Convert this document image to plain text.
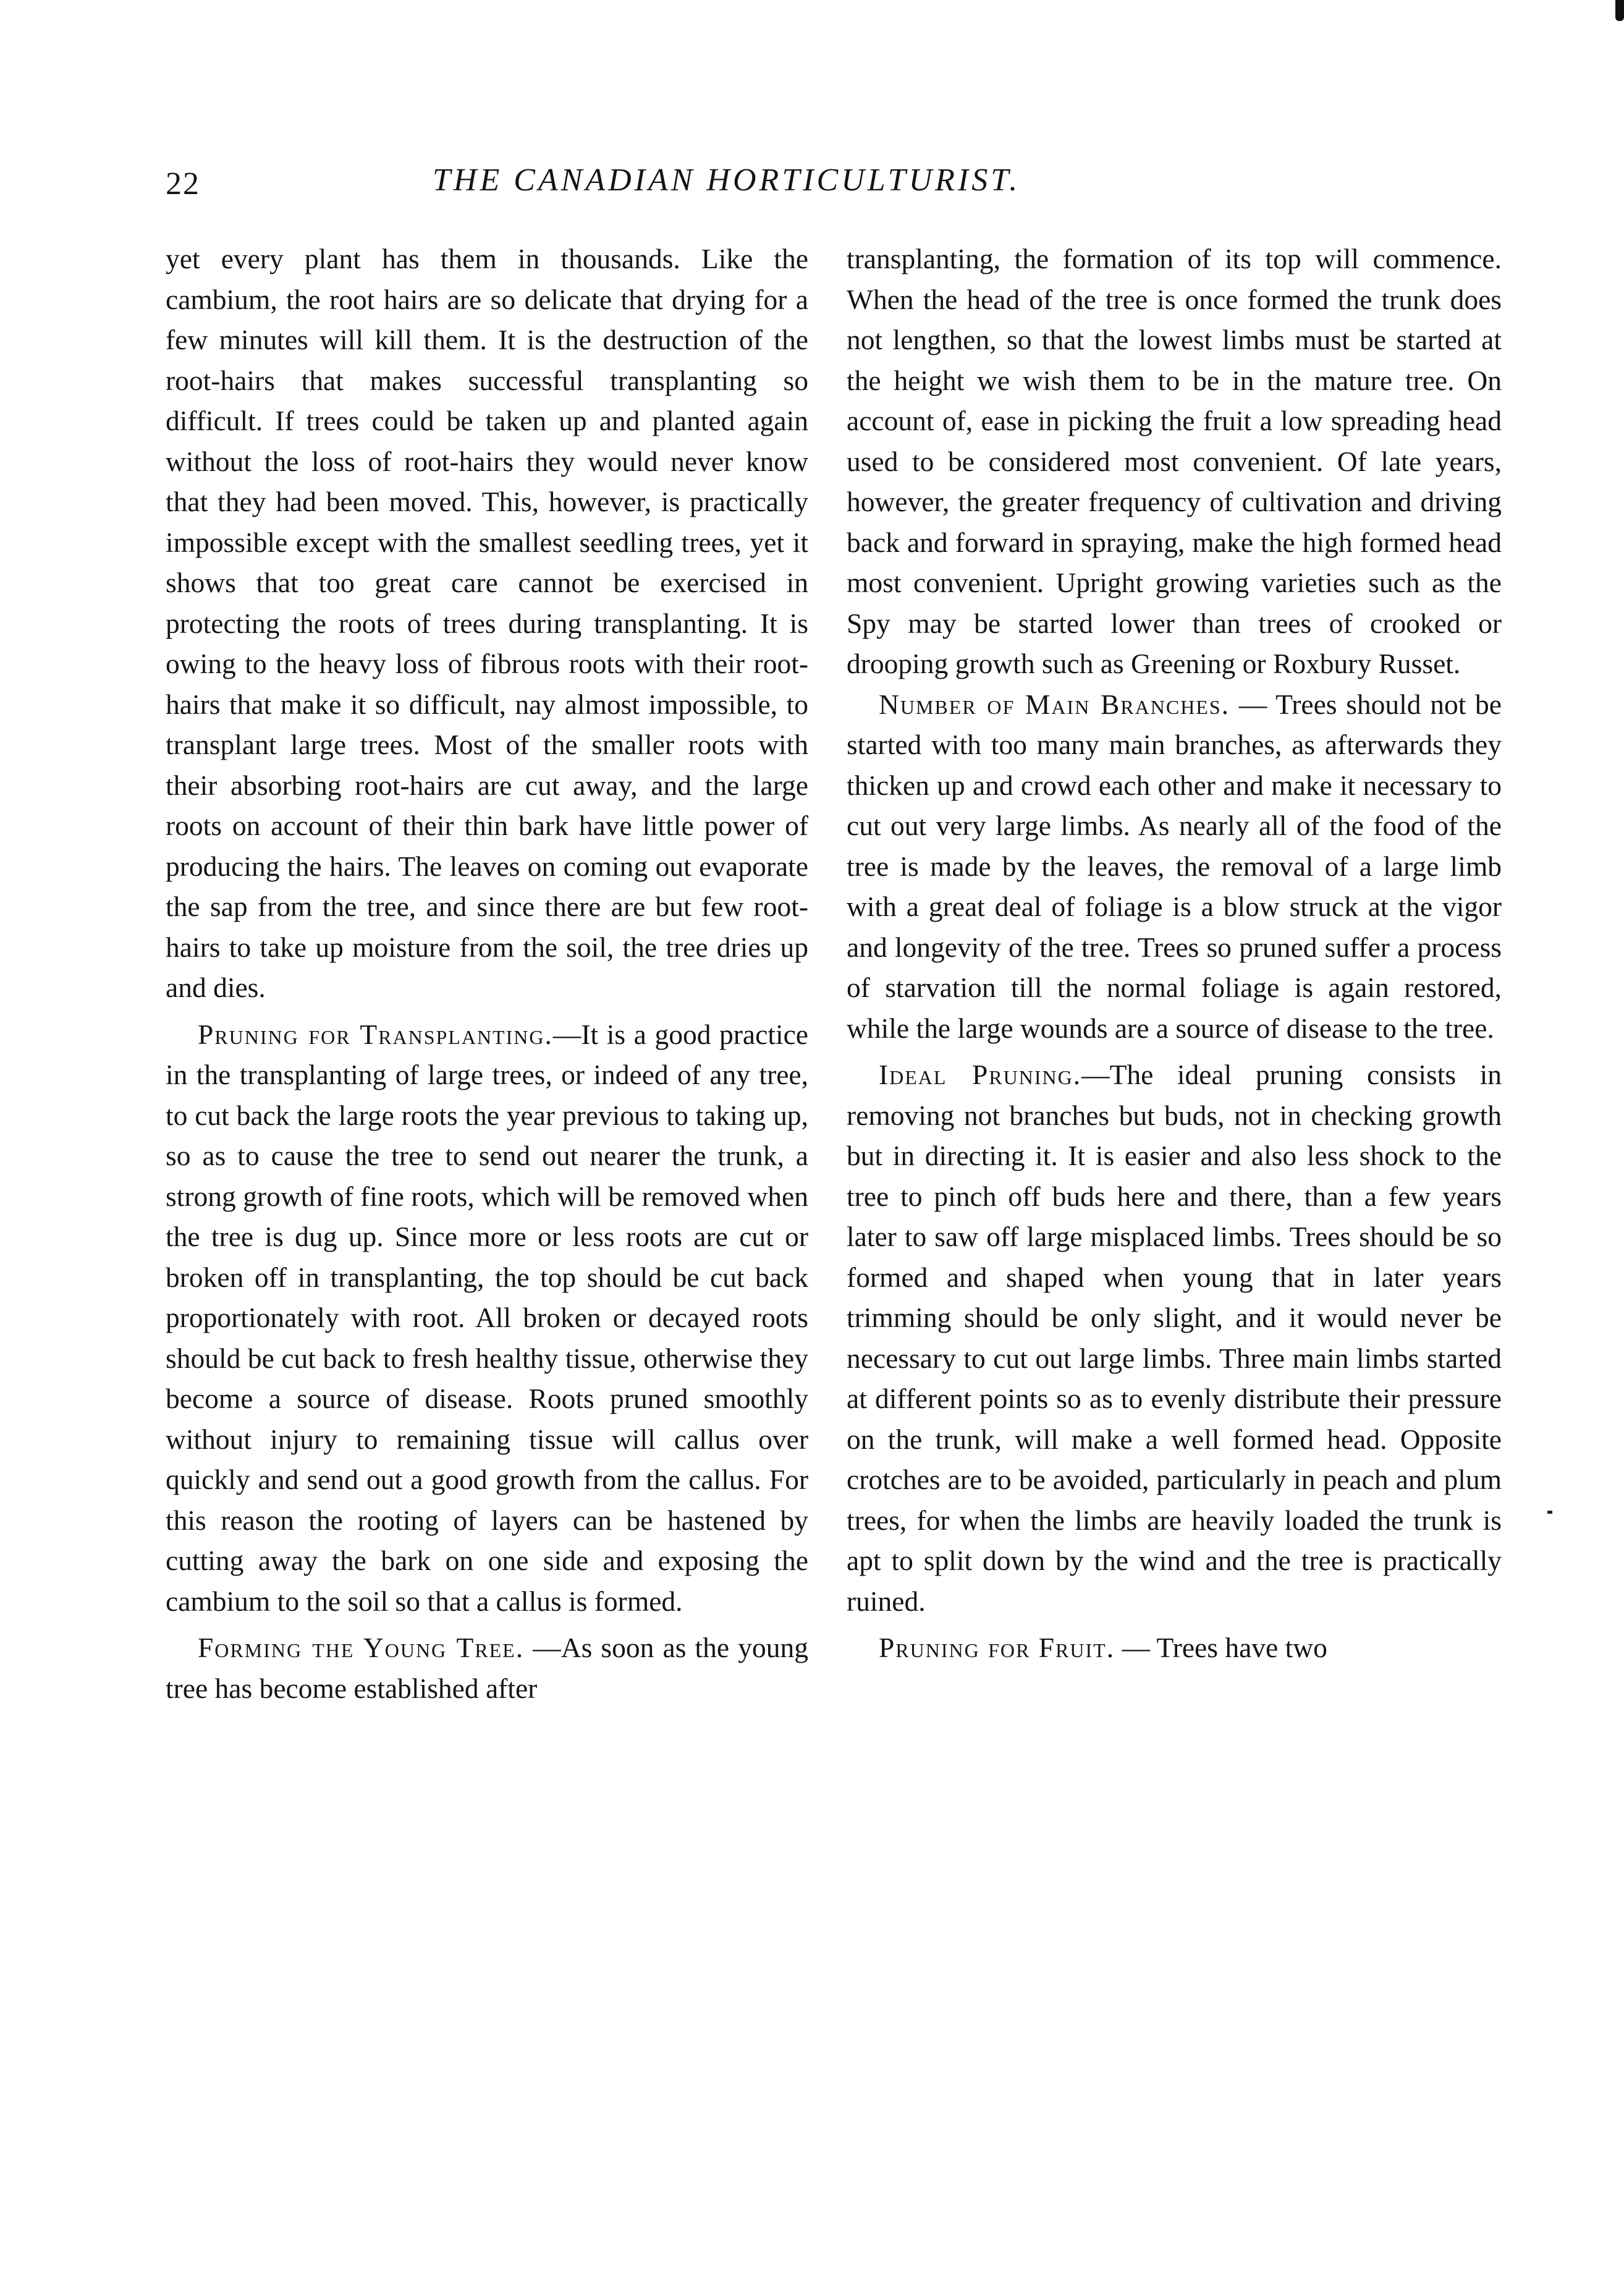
22	THE CANADIAN HORTICULTURIST.

yet every plant has them in thousands. Like the cambium, the root hairs are so delicate that drying for a few minutes will kill them. It is the destruction of the root-hairs that makes successful transplanting so difficult. If trees could be taken up and planted again without the loss of root-hairs they would never know that they had been moved. This, however, is practically impossible except with the smallest seedling trees, yet it shows that too great care cannot be exercised in protecting the roots of trees during transplanting. It is owing to the heavy loss of fibrous roots with their root-hairs that make it so difficult, nay almost impossible, to transplant large trees. Most of the smaller roots with their absorbing root-hairs are cut away, and the large roots on account of their thin bark have little power of producing the hairs. The leaves on coming out evaporate the sap from the tree, and since there are but few root-hairs to take up moisture from the soil, the tree dries up and dies.

Pruning for Transplanting.—It is a good practice in the transplanting of large trees, or indeed of any tree, to cut back the large roots the year previous to taking up, so as to cause the tree to send out nearer the trunk, a strong growth of fine roots, which will be removed when the tree is dug up. Since more or less roots are cut or broken off in transplanting, the top should be cut back proportionately with root. All broken or decayed roots should be cut back to fresh healthy tissue, otherwise they become a source of disease. Roots pruned smoothly without injury to remaining tissue will callus over quickly and send out a good growth from the callus. For this reason the rooting of layers can be hastened by cutting away the bark on one side and exposing the cambium to the soil so that a callus is formed.

Forming the Young Tree. —As soon as the young tree has become established after

transplanting, the formation of its top will commence. When the head of the tree is once formed the trunk does not lengthen, so that the lowest limbs must be started at the height we wish them to be in the mature tree. On account of, ease in picking the fruit a low spreading head used to be considered most convenient. Of late years, however, the greater frequency of cultivation and driving back and forward in spraying, make the high formed head most convenient. Upright growing varieties such as the Spy may be started lower than trees of crooked or drooping growth such as Greening or Roxbury Russet.

Number of Main Branches. — Trees should not be started with too many main branches, as afterwards they thicken up and crowd each other and make it necessary to cut out very large limbs. As nearly all of the food of the tree is made by the leaves, the removal of a large limb with a great deal of foliage is a blow struck at the vigor and longevity of the tree. Trees so pruned suffer a process of starvation till the normal foliage is again restored, while the large wounds are a source of disease to the tree.

Ideal Pruning.—The ideal pruning consists in removing not branches but buds, not in checking growth but in directing it. It is easier and also less shock to the tree to pinch off buds here and there, than a few years later to saw off large misplaced limbs. Trees should be so formed and shaped when young that in later years trimming should be only slight, and it would never be necessary to cut out large limbs. Three main limbs started at different points so as to evenly distribute their pressure on the trunk, will make a well formed head. Opposite crotches are to be avoided, particularly in peach and plum trees, for when the limbs are heavily loaded the trunk is apt to split down by the wind and the tree is practically ruined.

Pruning for Fruit. — Trees have two
